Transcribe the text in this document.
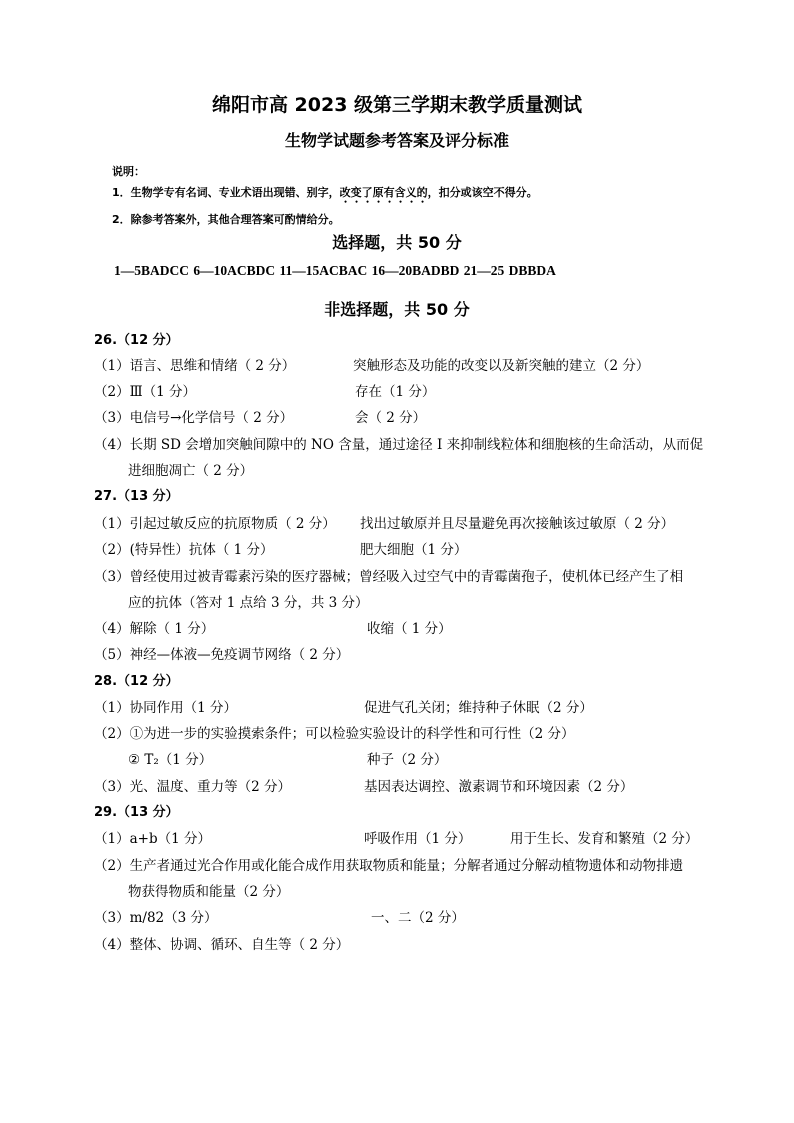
绵阳市高 2023 级第三学期末教学质量测试
生物学试题参考答案及评分标准
说明：
1．生物学专有名词、专业术语出现错、别字，改变了原有含义的，扣分或该空不得分。
2．除参考答案外，其他合理答案可酌情给分。
选择题，共 50 分
1—5BADCC 6—10ACBDC 11—15ACBAC 16—20BADBD 21—25 DBBDA
非选择题，共 50 分
26.（12 分）
（1）语言、思维和情绪（ 2 分）	突触形态及功能的改变以及新突触的建立（2 分）
（2）Ⅲ（1 分）	存在（1 分）
（3）电信号→化学信号（ 2 分）	会（ 2 分）
（4）长期 SD 会增加突触间隙中的 NO 含量，通过途径 I 来抑制线粒体和细胞核的生命活动，从而促
进细胞凋亡（ 2 分）
27.（13 分）
（1）引起过敏反应的抗原物质（ 2 分） 找出过敏原并且尽量避免再次接触该过敏原（ 2 分）
（2）(特异性）抗体（ 1 分）	肥大细胞（1 分）
（3）曾经使用过被青霉素污染的医疗器械；曾经吸入过空气中的青霉菌孢子，使机体已经产生了相
应的抗体（答对 1 点给 3 分，共 3 分）
（4）解除（ 1 分）	收缩（ 1 分）
（5）神经—体液—免疫调节网络（ 2 分）
28.（12 分）
（1）协同作用（1 分）	促进气孔关闭；维持种子休眠（2 分）
（2）①为进一步的实验摸索条件；可以检验实验设计的科学性和可行性（2 分）
② T₂（1 分）	种子（2 分）
（3）光、温度、重力等（2 分）	基因表达调控、激素调节和环境因素（2 分）
29.（13 分）
（1）a+b（1 分）	呼吸作用（1 分）	用于生长、发育和繁殖（2 分）
（2）生产者通过光合作用或化能合成作用获取物质和能量；分解者通过分解动植物遗体和动物排遗
物获得物质和能量（2 分）
（3）m/82（3 分）	一、二（2 分）
（4）整体、协调、循环、自生等（ 2 分）
